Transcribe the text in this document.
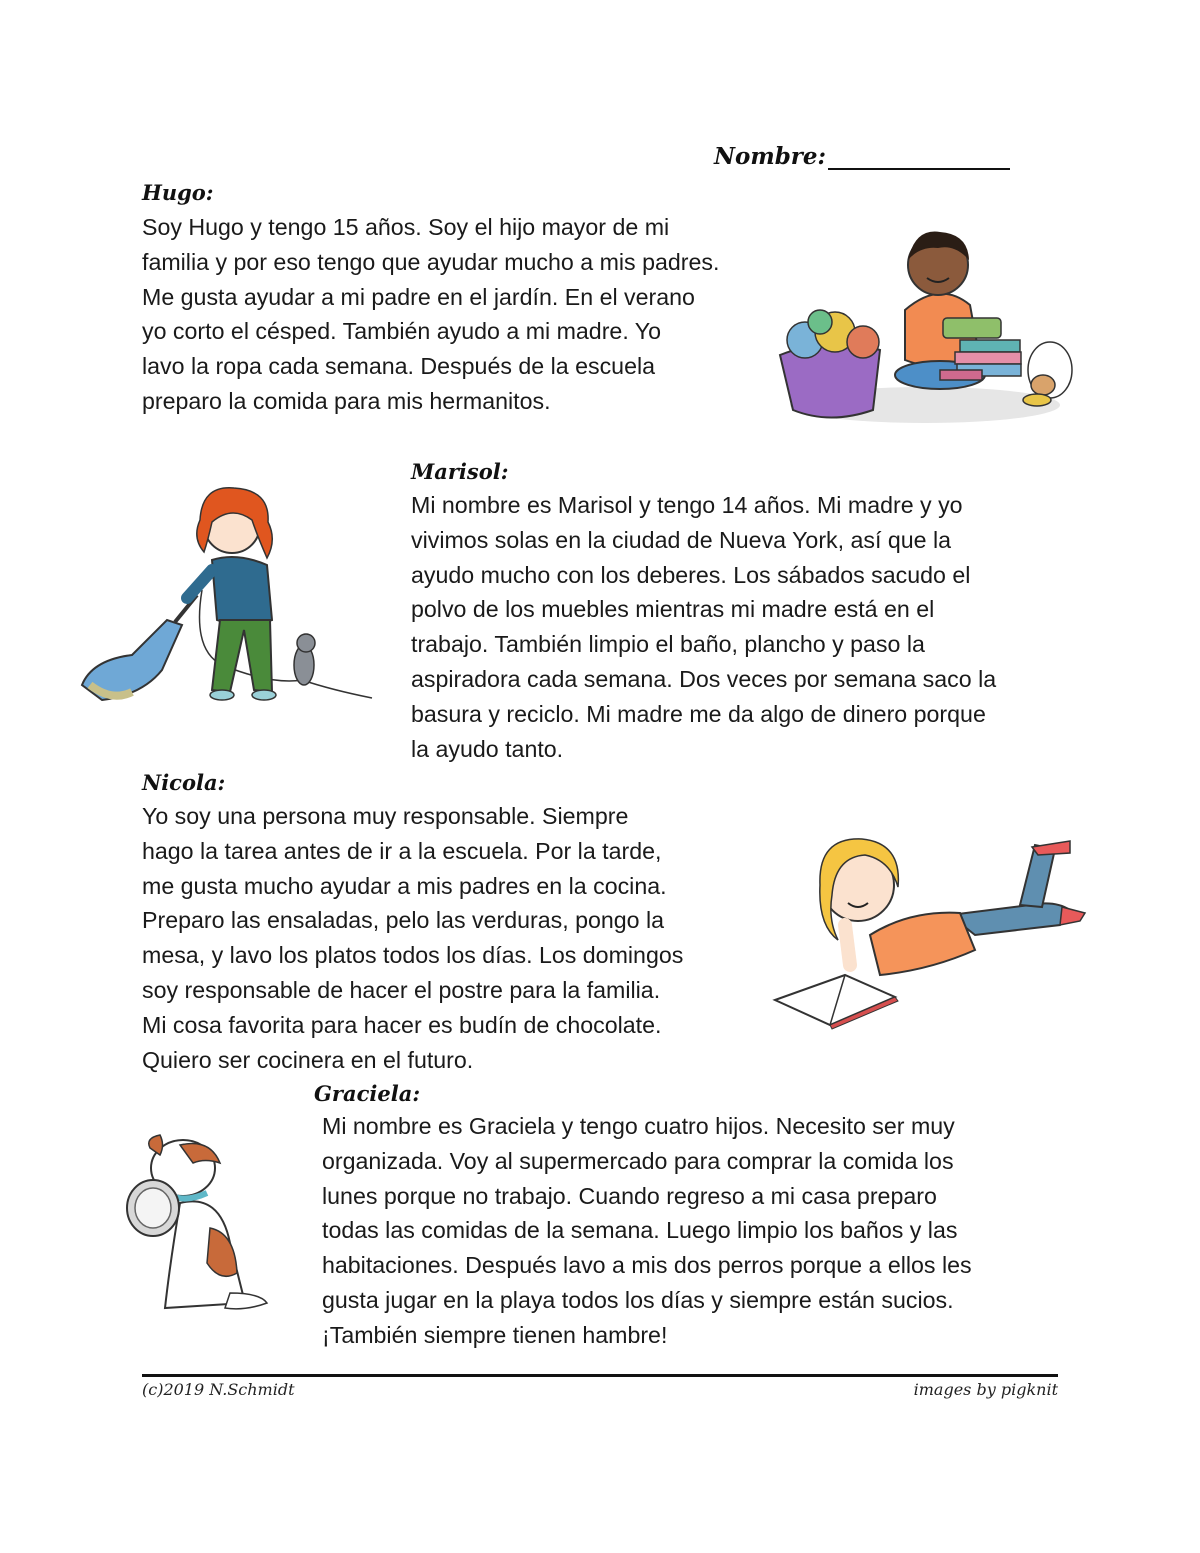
Nombre:
Hugo:
Soy Hugo y tengo 15 años. Soy el hijo mayor de mi
familia y por eso tengo que ayudar mucho a mis padres.
Me gusta ayudar a mi padre en el jardín. En el verano
yo corto el césped. También ayudo a mi madre. Yo
lavo la ropa cada semana. Después de la escuela
preparo la comida para mis hermanitos.
Marisol:
Mi nombre es Marisol y tengo 14 años. Mi madre y yo
vivimos solas en la ciudad de Nueva York, así que la
ayudo mucho con los deberes. Los sábados sacudo el
polvo de los muebles mientras mi madre está en el
trabajo. También limpio el baño, plancho y paso la
aspiradora cada semana. Dos veces por semana saco la
basura y reciclo. Mi madre me da algo de dinero porque
la ayudo tanto.
Nicola:
Yo soy una persona muy responsable. Siempre
hago la tarea antes de ir a la escuela. Por la tarde,
me gusta mucho ayudar a mis padres en la cocina.
Preparo las ensaladas, pelo las verduras, pongo la
mesa, y lavo los platos todos los días. Los domingos
soy responsable de hacer el postre para la familia.
Mi cosa favorita para hacer es budín de chocolate.
Quiero ser cocinera en el futuro.
Graciela:
Mi nombre es Graciela y tengo cuatro hijos. Necesito ser muy
organizada. Voy al supermercado para comprar la comida los
lunes porque no trabajo. Cuando regreso a mi casa preparo
todas las comidas de la semana. Luego limpio los baños y las
habitaciones. Después lavo a mis dos perros porque a ellos les
gusta jugar en la playa todos los días y siempre están sucios.
¡También siempre tienen hambre!
(c)2019 N.Schmidt	images by pigknit
